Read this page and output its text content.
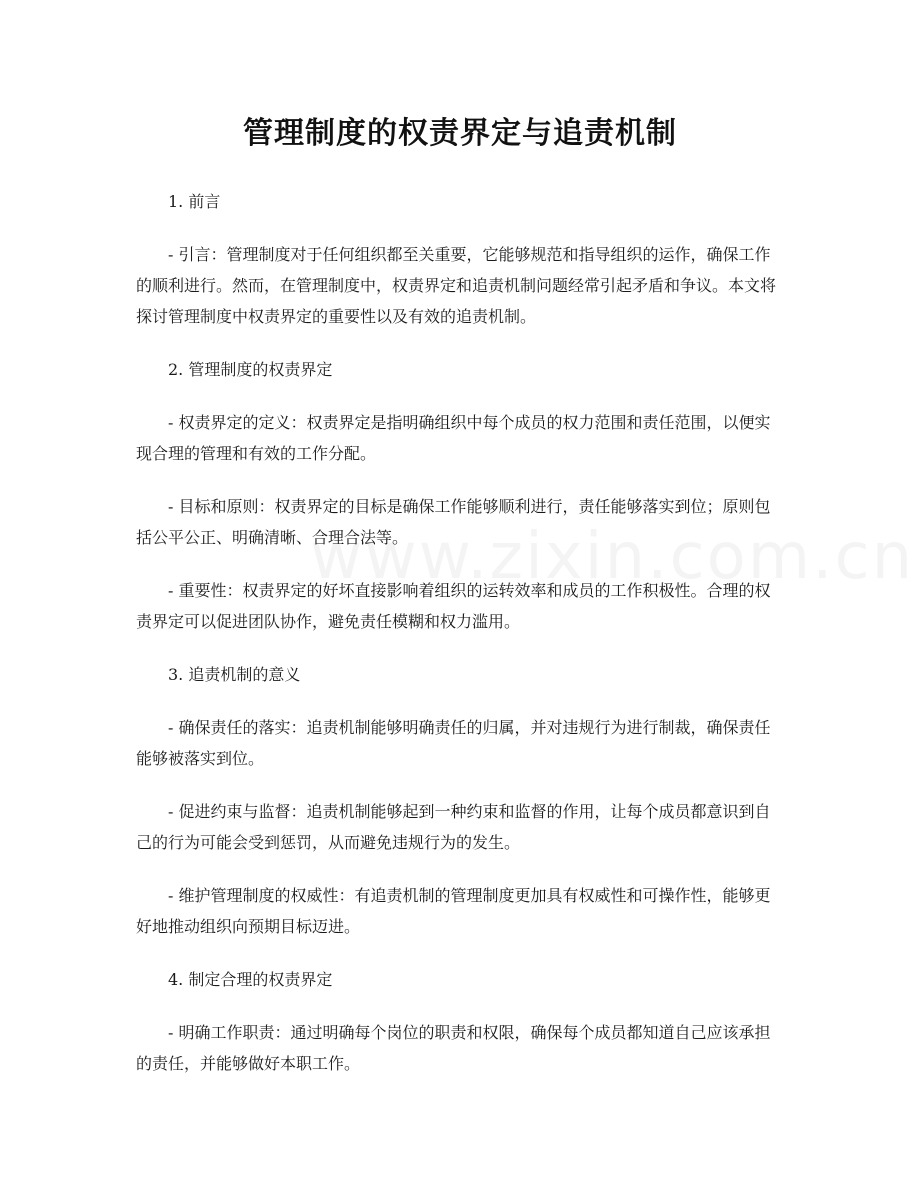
管理制度的权责界定与追责机制

1. 前言

- 引言：管理制度对于任何组织都至关重要，它能够规范和指导组织的运作，确保工作的顺利进行。然而，在管理制度中，权责界定和追责机制问题经常引起矛盾和争议。本文将探讨管理制度中权责界定的重要性以及有效的追责机制。

2. 管理制度的权责界定

- 权责界定的定义：权责界定是指明确组织中每个成员的权力范围和责任范围，以便实现合理的管理和有效的工作分配。

- 目标和原则：权责界定的目标是确保工作能够顺利进行，责任能够落实到位；原则包括公平公正、明确清晰、合理合法等。

- 重要性：权责界定的好坏直接影响着组织的运转效率和成员的工作积极性。合理的权责界定可以促进团队协作，避免责任模糊和权力滥用。

3. 追责机制的意义

- 确保责任的落实：追责机制能够明确责任的归属，并对违规行为进行制裁，确保责任能够被落实到位。

- 促进约束与监督：追责机制能够起到一种约束和监督的作用，让每个成员都意识到自己的行为可能会受到惩罚，从而避免违规行为的发生。

- 维护管理制度的权威性：有追责机制的管理制度更加具有权威性和可操作性，能够更好地推动组织向预期目标迈进。

4. 制定合理的权责界定

- 明确工作职责：通过明确每个岗位的职责和权限，确保每个成员都知道自己应该承担的责任，并能够做好本职工作。
